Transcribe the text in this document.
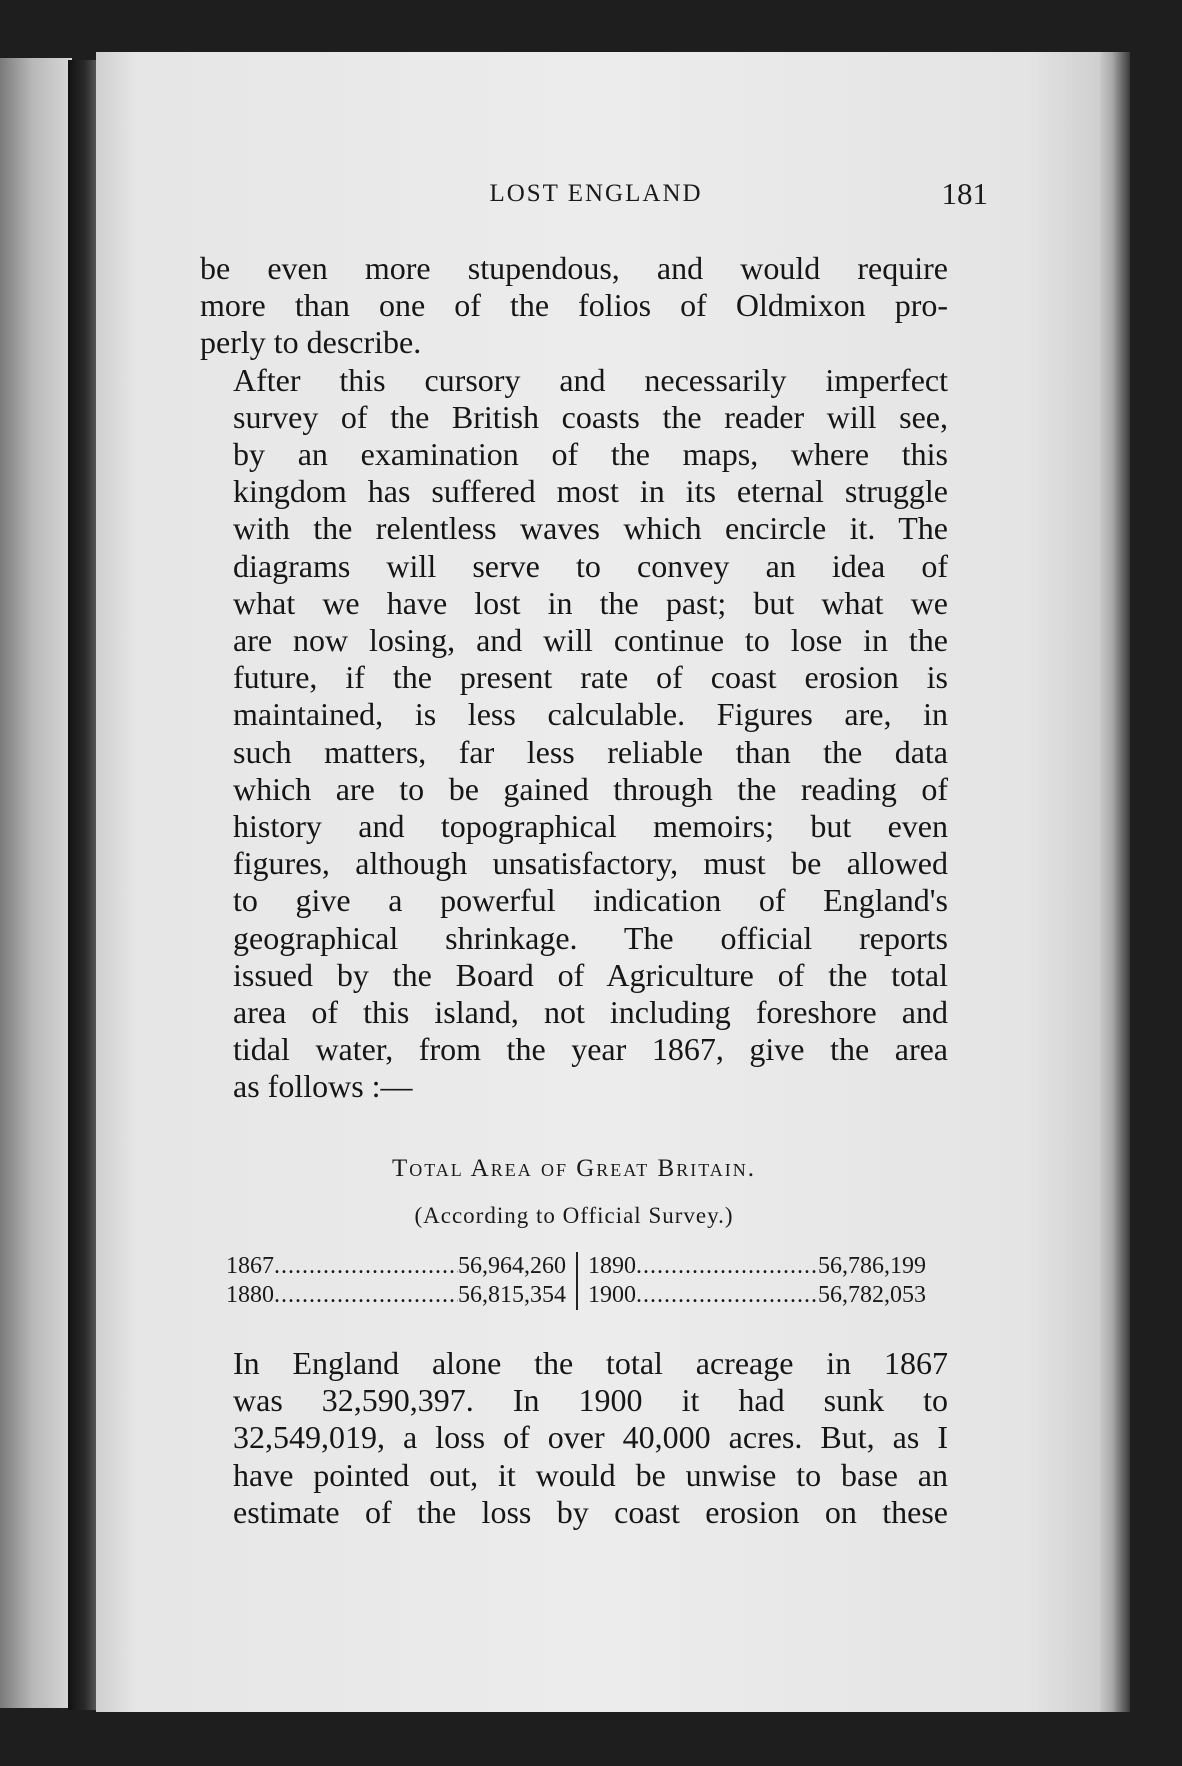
LOST ENGLAND	181

be even more stupendous, and would require
more than one of the folios of Oldmixon pro-
perly to describe.

After this cursory and necessarily imperfect
survey of the British coasts the reader will see,
by an examination of the maps, where this
kingdom has suffered most in its eternal struggle
with the relentless waves which encircle it. The
diagrams will serve to convey an idea of
what we have lost in the past; but what we
are now losing, and will continue to lose in the
future, if the present rate of coast erosion is
maintained, is less calculable. Figures are, in
such matters, far less reliable than the data
which are to be gained through the reading of
history and topographical memoirs; but even
figures, although unsatisfactory, must be allowed
to give a powerful indication of England's
geographical shrinkage. The official reports
issued by the Board of Agriculture of the total
area of this island, not including foreshore and
tidal water, from the year 1867, give the area
as follows :—

Total Area of Great Britain.
(According to Official Survey.)
1867 .....	56,964,260 1890 .....	56,786,199
1880 .....	56,815,354 1900 .....	56,782,053

In England alone the total acreage in 1867
was 32,590,397. In 1900 it had sunk to
32,549,019, a loss of over 40,000 acres. But, as I
have pointed out, it would be unwise to base an
estimate of the loss by coast erosion on these
